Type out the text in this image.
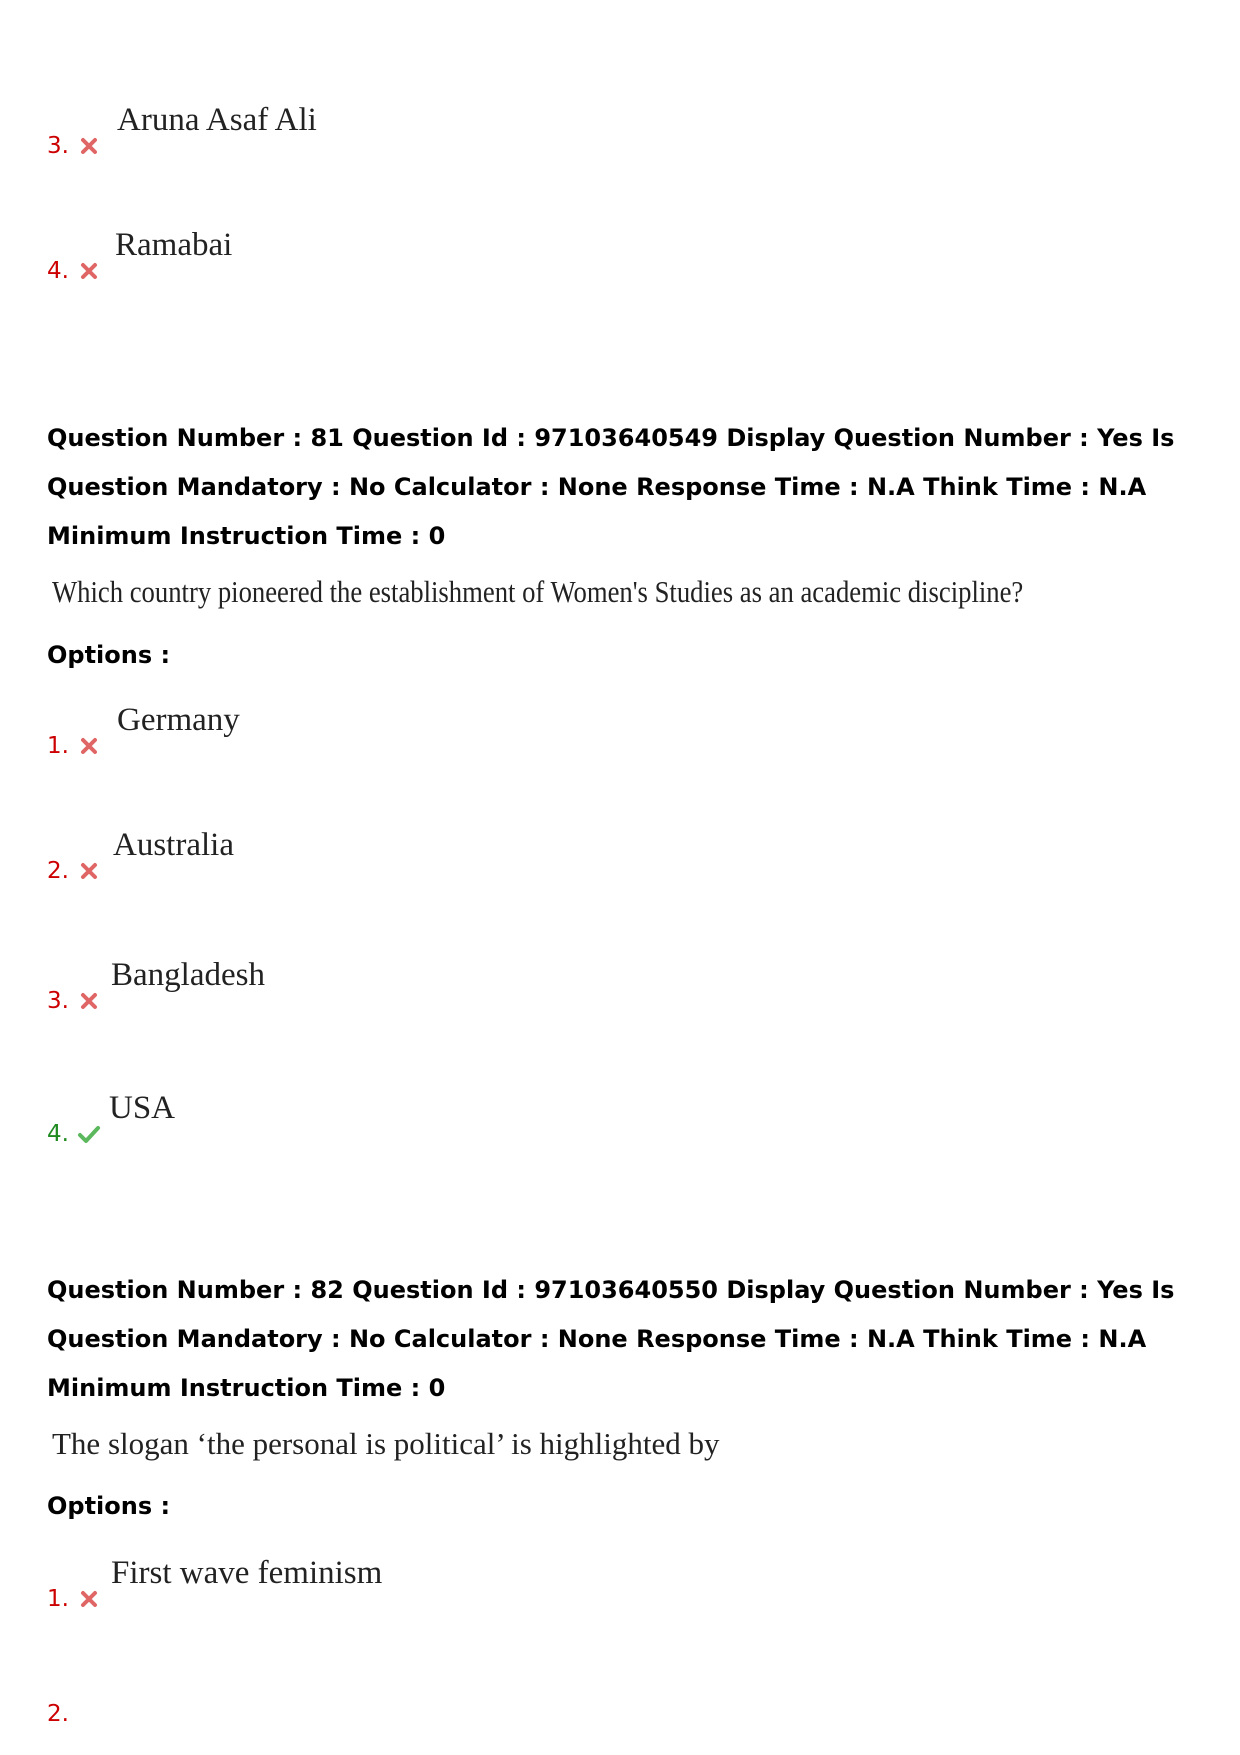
Aruna Asaf Ali
3.
Ramabai
4.

Question Number : 81 Question Id : 97103640549 Display Question Number : Yes Is Question Mandatory : No Calculator : None Response Time : N.A Think Time : N.A Minimum Instruction Time : 0

Which country pioneered the establishment of Women's Studies as an academic discipline?

Options :

Germany
1.
Australia
2.
Bangladesh
3.
USA
4.

Question Number : 82 Question Id : 97103640550 Display Question Number : Yes Is Question Mandatory : No Calculator : None Response Time : N.A Think Time : N.A Minimum Instruction Time : 0

The slogan ‘the personal is political’ is highlighted by

Options :

First wave feminism
1.
2.
